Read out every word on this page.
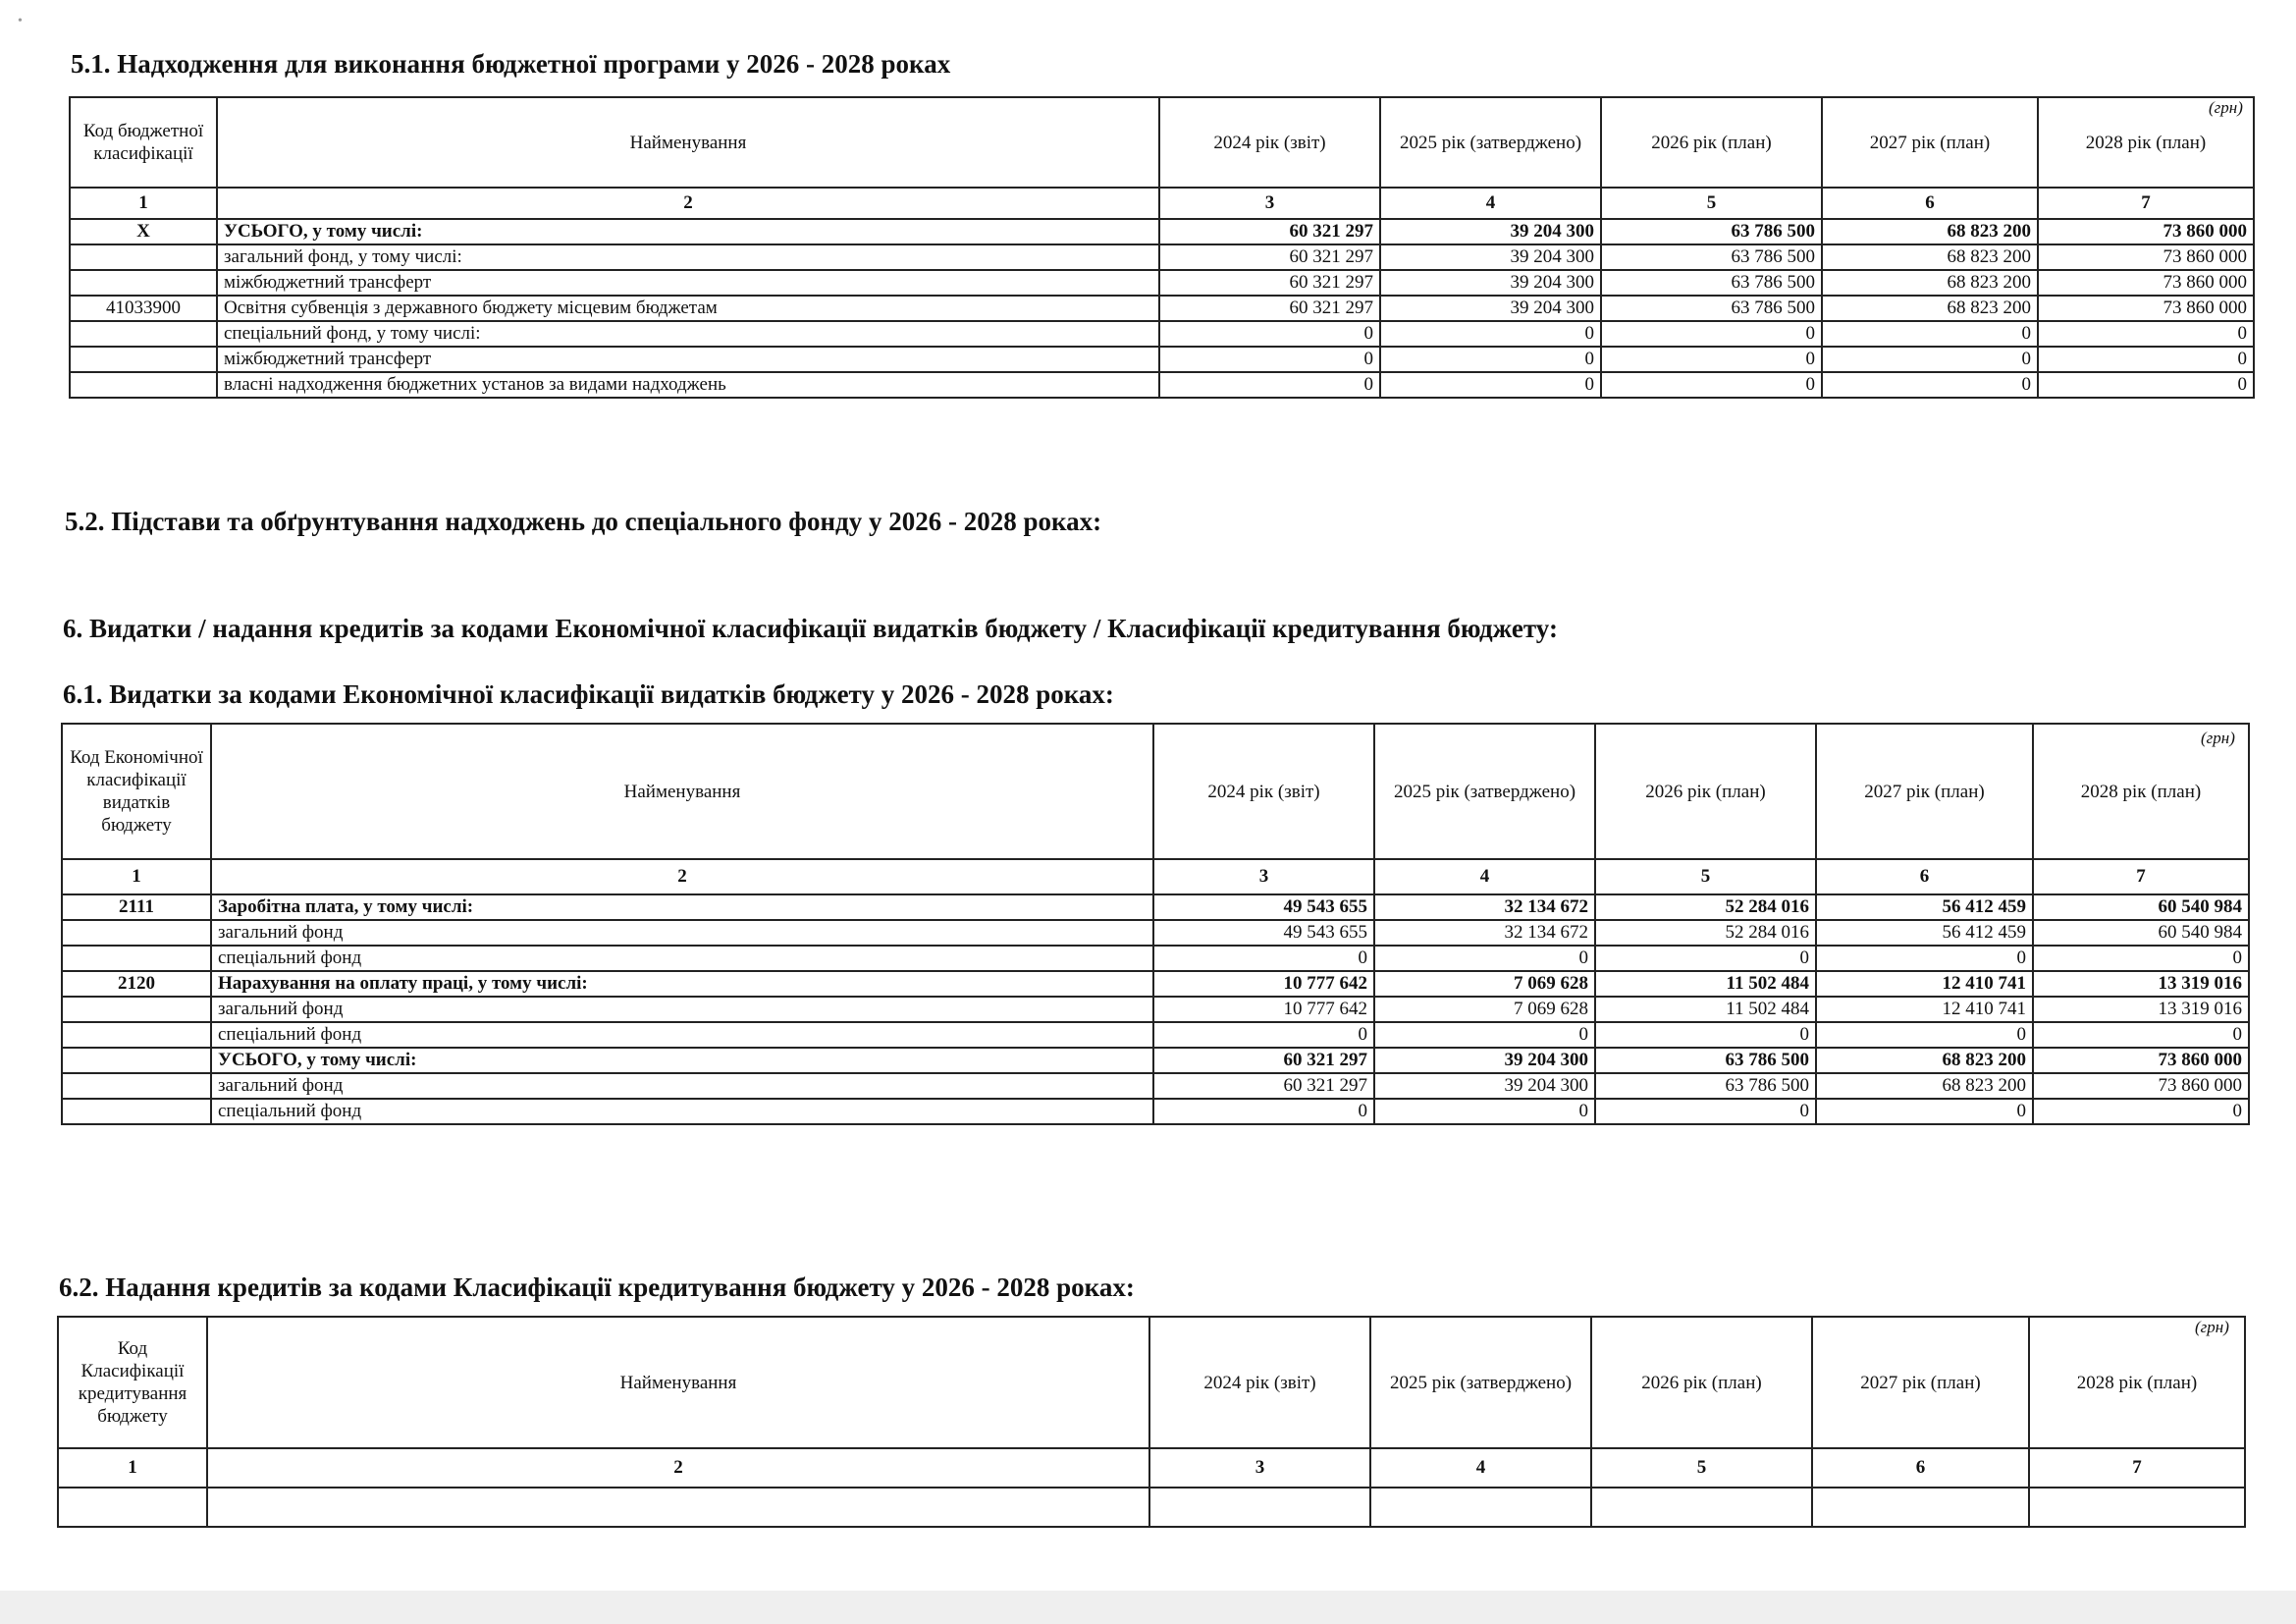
•
5.1. Надходження для виконання бюджетної програми у 2026 - 2028 роках
(грн)
Код бюджетної класифікації	Найменування	2024 рік (звіт)	2025 рік (затверджено)	2026 рік (план)	2027 рік (план)	2028 рік (план)
1	2	3	4	5	6	7
X	УСЬОГО, у тому числі:	60 321 297	39 204 300	63 786 500	68 823 200	73 860 000
	загальний фонд, у тому числі:	60 321 297	39 204 300	63 786 500	68 823 200	73 860 000
	міжбюджетний трансферт	60 321 297	39 204 300	63 786 500	68 823 200	73 860 000
41033900	Освітня субвенція з державного бюджету місцевим бюджетам	60 321 297	39 204 300	63 786 500	68 823 200	73 860 000
	спеціальний фонд, у тому числі:	0	0	0	0	0
	міжбюджетний трансферт	0	0	0	0	0
	власні надходження бюджетних установ за видами надходжень	0	0	0	0	0
5.2. Підстави та обґрунтування надходжень до спеціального фонду у 2026 - 2028 роках:
6. Видатки / надання кредитів за кодами Економічної класифікації видатків бюджету / Класифікації кредитування бюджету:
6.1. Видатки за кодами Економічної класифікації видатків бюджету у 2026 - 2028 роках:
(грн)
Код Економічної класифікації видатків бюджету	Найменування	2024 рік (звіт)	2025 рік (затверджено)	2026 рік (план)	2027 рік (план)	2028 рік (план)
1	2	3	4	5	6	7
2111	Заробітна плата, у тому числі:	49 543 655	32 134 672	52 284 016	56 412 459	60 540 984
	загальний фонд	49 543 655	32 134 672	52 284 016	56 412 459	60 540 984
	спеціальний фонд	0	0	0	0	0
2120	Нарахування на оплату праці, у тому числі:	10 777 642	7 069 628	11 502 484	12 410 741	13 319 016
	загальний фонд	10 777 642	7 069 628	11 502 484	12 410 741	13 319 016
	спеціальний фонд	0	0	0	0	0
	УСЬОГО, у тому числі:	60 321 297	39 204 300	63 786 500	68 823 200	73 860 000
	загальний фонд	60 321 297	39 204 300	63 786 500	68 823 200	73 860 000
	спеціальний фонд	0	0	0	0	0
6.2. Надання кредитів за кодами Класифікації кредитування бюджету у 2026 - 2028 роках:
(грн)
Код Класифікації кредитування бюджету	Найменування	2024 рік (звіт)	2025 рік (затверджено)	2026 рік (план)	2027 рік (план)	2028 рік (план)
1	2	3	4	5	6	7
